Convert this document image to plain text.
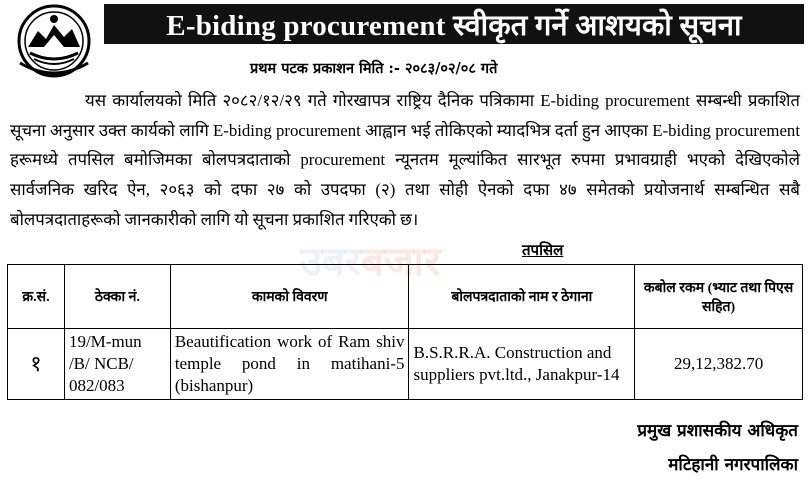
E-biding procurement स्वीकृत गर्ने आशयको सूचना
प्रथम पटक प्रकाशन मिति :- २०८३/०२/०८ गते
यस कार्यालयको मिति २०८२/१२/२९ गते गोरखापत्र राष्ट्रिय दैनिक पत्रिकामा E-biding procurement सम्बन्धी प्रकाशित सूचना अनुसार उक्त कार्यको लागि E-biding procurement आह्वान भई तोकिएको म्यादभित्र दर्ता हुन आएका E-biding procurement हरूमध्ये तपसिल बमोजिमका बोलपत्रदाताको procurement न्यूनतम मूल्यांकित सारभूत रुपमा प्रभावग्राही भएको देखिएकोले सार्वजनिक खरिद ऐन, २०६३ को दफा २७ को उपदफा (२) तथा सोही ऐनको दफा ४७ समेतको प्रयोजनार्थ सम्बन्धित सबै बोलपत्रदाताहरूको जानकारीको लागि यो सूचना प्रकाशित गरिएको छ।
उबरबजार	तपसिल
क्र.सं.	ठेक्का नं.	कामको विवरण	बोलपत्रदाताको नाम र ठेगाना	कबोल रकम (भ्याट तथा पिएस सहित)
१	19/M-mun /B/ NCB/ 082/083	Beautification work of Ram shiv temple pond in matihani-5 (bishanpur)	B.S.R.R.A. Construction and suppliers pvt.ltd., Janakpur-14	29,12,382.70
प्रमुख प्रशासकीय अधिकृत
मटिहानी नगरपालिका
